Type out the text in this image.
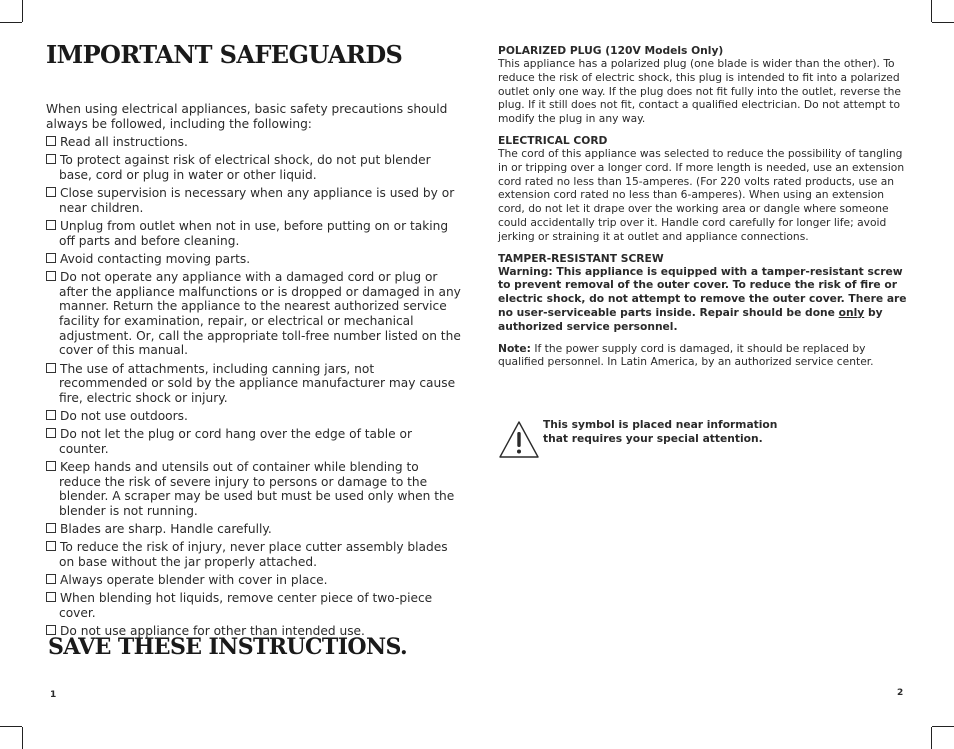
IMPORTANT SAFEGUARDS
When using electrical appliances, basic safety precautions should always be followed, including the following:
Read all instructions.
To protect against risk of electrical shock, do not put blender base, cord or plug in water or other liquid.
Close supervision is necessary when any appliance is used by or near children.
Unplug from outlet when not in use, before putting on or taking off parts and before cleaning.
Avoid contacting moving parts.
Do not operate any appliance with a damaged cord or plug or after the appliance malfunctions or is dropped or damaged in any manner. Return the appliance to the nearest authorized service facility for examination, repair, or electrical or mechanical adjustment. Or, call the appropriate toll-free number listed on the cover of this manual.
The use of attachments, including canning jars, not recommended or sold by the appliance manufacturer may cause fire, electric shock or injury.
Do not use outdoors.
Do not let the plug or cord hang over the edge of table or counter.
Keep hands and utensils out of container while blending to reduce the risk of severe injury to persons or damage to the blender. A scraper may be used but must be used only when the blender is not running.
Blades are sharp. Handle carefully.
To reduce the risk of injury, never place cutter assembly blades on base without the jar properly attached.
Always operate blender with cover in place.
When blending hot liquids, remove center piece of two-piece cover.
Do not use appliance for other than intended use.
SAVE THESE INSTRUCTIONS.
1
POLARIZED PLUG (120V Models Only)
This appliance has a polarized plug (one blade is wider than the other). To reduce the risk of electric shock, this plug is intended to fit into a polarized outlet only one way. If the plug does not fit fully into the outlet, reverse the plug. If it still does not fit, contact a qualified electrician. Do not attempt to modify the plug in any way.
ELECTRICAL CORD
The cord of this appliance was selected to reduce the possibility of tangling in or tripping over a longer cord. If more length is needed, use an extension cord rated no less than 15-amperes. (For 220 volts rated products, use an extension cord rated no less than 6-amperes). When using an extension cord, do not let it drape over the working area or dangle where someone could accidentally trip over it. Handle cord carefully for longer life; avoid jerking or straining it at outlet and appliance connections.
TAMPER-RESISTANT SCREW
Warning: This appliance is equipped with a tamper-resistant screw to prevent removal of the outer cover. To reduce the risk of fire or electric shock, do not attempt to remove the outer cover. There are no user-serviceable parts inside. Repair should be done only by authorized service personnel.
Note: If the power supply cord is damaged, it should be replaced by qualified personnel. In Latin America, by an authorized service center.
This symbol is placed near information that requires your special attention.
2
